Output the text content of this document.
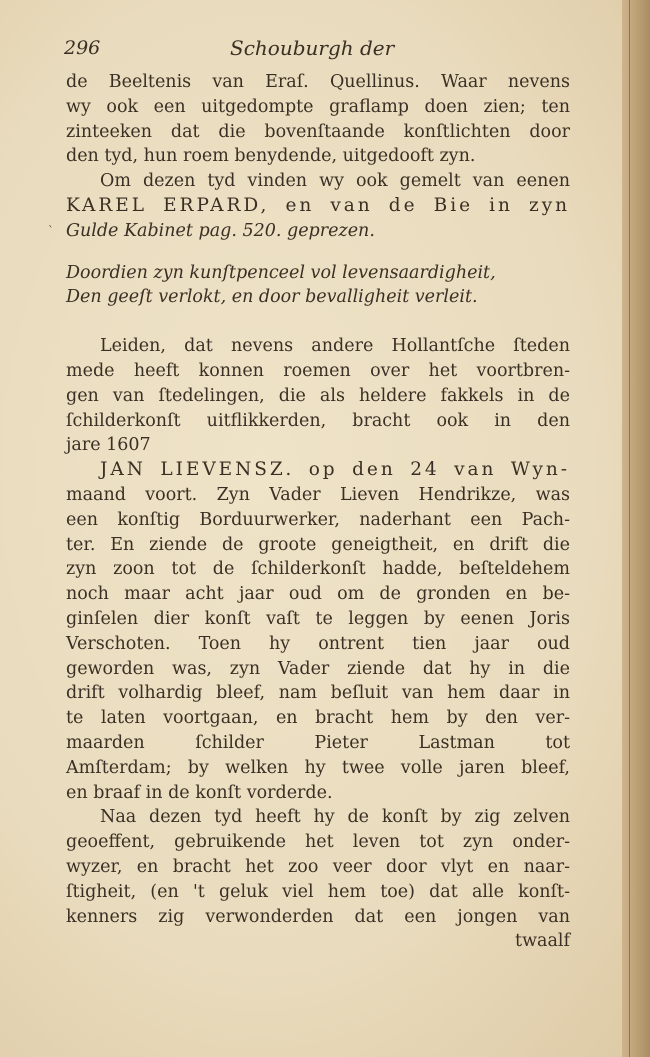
ˋ
296	Schouburgh der
de Beeltenis van Eraſ. Quellinus. Waar nevens
wy ook een uitgedompte graflamp doen zien; ten
zinteeken dat die bovenſtaande konſtlichten door
den tyd, hun roem benydende, uitgedooft zyn.
Om dezen tyd vinden wy ook gemelt van eenen
KAREL ERPARD, en van de Bie in zyn
Gulde Kabinet pag. 520. geprezen.
Doordien zyn kunſtpenceel vol levensaardigheit,
Den geeſt verlokt, en door bevalligheit verleit.
Leiden, dat nevens andere Hollantſche ſteden
mede heeft konnen roemen over het voortbren-
gen van ſtedelingen, die als heldere fakkels in de
ſchilderkonſt uitflikkerden, bracht ook in den
jare 1607
JAN LIEVENSZ. op den 24 van Wyn-
maand voort. Zyn Vader Lieven Hendrikze, was
een konſtig Borduurwerker, naderhant een Pach-
ter. En ziende de groote geneigtheit, en drift die
zyn zoon tot de ſchilderkonſt hadde, beſteldehem
noch maar acht jaar oud om de gronden en be-
ginſelen dier konſt vaſt te leggen by eenen Joris
Verschoten. Toen hy ontrent tien jaar oud
geworden was, zyn Vader ziende dat hy in die
drift volhardig bleef, nam beſluit van hem daar in
te laten voortgaan, en bracht hem by den ver-
maarden ſchilder Pieter Lastman tot
Amſterdam; by welken hy twee volle jaren bleef,
en braaf in de konſt vorderde.
Naa dezen tyd heeft hy de konſt by zig zelven
geoeffent, gebruikende het leven tot zyn onder-
wyzer, en bracht het zoo veer door vlyt en naar-
ſtigheit, (en 't geluk viel hem toe) dat alle konſt-
kenners zig verwonderden dat een jongen van
twaalf
